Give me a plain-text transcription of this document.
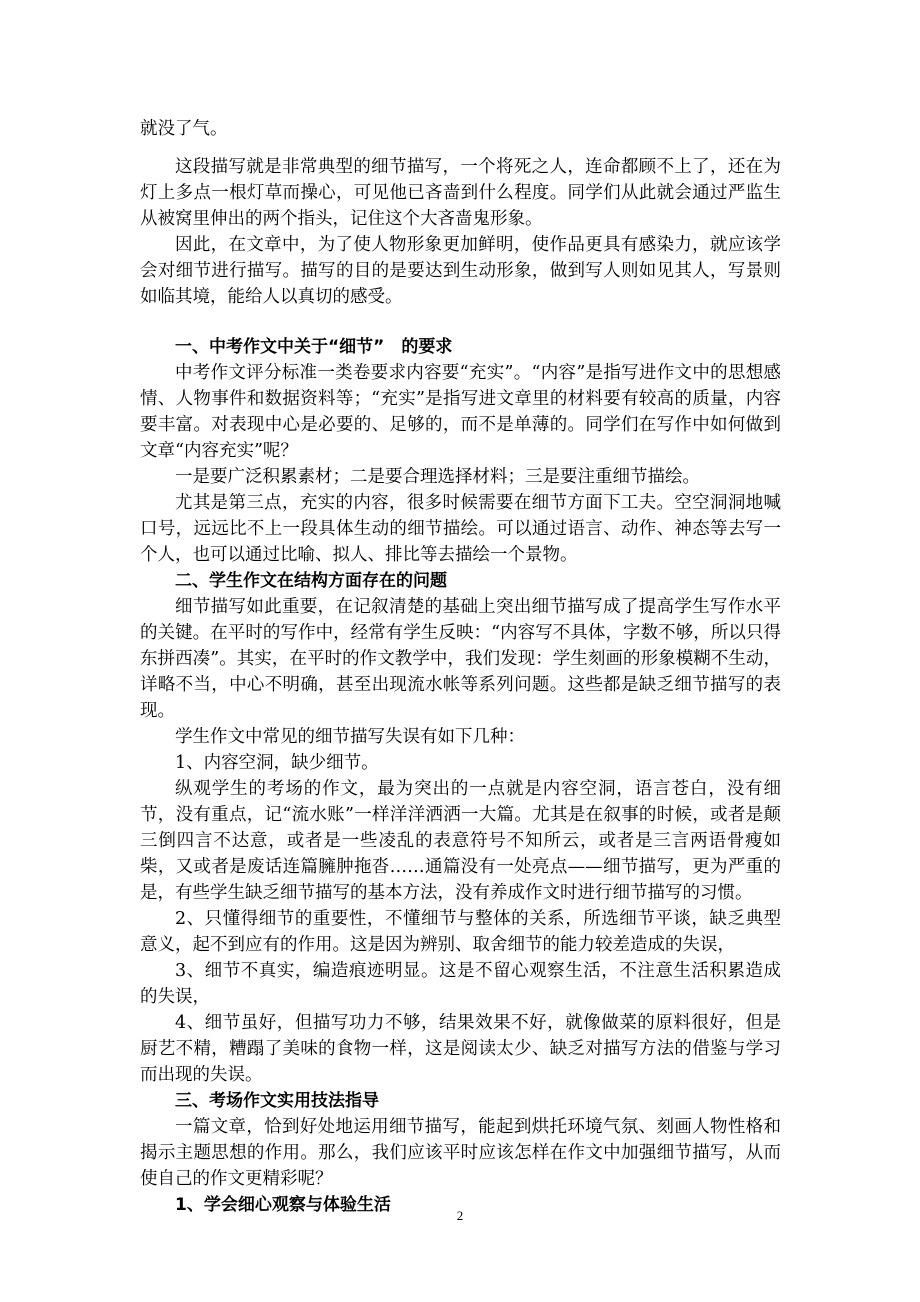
就没了气。

这段描写就是非常典型的细节描写，一个将死之人，连命都顾不上了，还在为灯上多点一根灯草而操心，可见他已吝啬到什么程度。同学们从此就会通过严监生从被窝里伸出的两个指头，记住这个大吝啬鬼形象。

因此，在文章中，为了使人物形象更加鲜明，使作品更具有感染力，就应该学会对细节进行描写。描写的目的是要达到生动形象，做到写人则如见其人，写景则如临其境，能给人以真切的感受。

一、中考作文中关于“细节”　的要求

中考作文评分标准一类卷要求内容要“充实”。“内容”是指写进作文中的思想感情、人物事件和数据资料等；“充实”是指写进文章里的材料要有较高的质量，内容要丰富。对表现中心是必要的、足够的，而不是单薄的。同学们在写作中如何做到文章“内容充实”呢？

一是要广泛积累素材；二是要合理选择材料；三是要注重细节描绘。

尤其是第三点，充实的内容，很多时候需要在细节方面下工夫。空空洞洞地喊口号，远远比不上一段具体生动的细节描绘。可以通过语言、动作、神态等去写一个人，也可以通过比喻、拟人、排比等去描绘一个景物。

二、学生作文在结构方面存在的问题

细节描写如此重要，在记叙清楚的基础上突出细节描写成了提高学生写作水平的关键。在平时的写作中，经常有学生反映：“内容写不具体，字数不够，所以只得东拼西凑”。其实，在平时的作文教学中，我们发现：学生刻画的形象模糊不生动，详略不当，中心不明确，甚至出现流水帐等系列问题。这些都是缺乏细节描写的表现。

学生作文中常见的细节描写失误有如下几种：

1、内容空洞，缺少细节。

纵观学生的考场的作文，最为突出的一点就是内容空洞，语言苍白，没有细节，没有重点，记“流水账”一样洋洋洒洒一大篇。尤其是在叙事的时候，或者是颠三倒四言不达意，或者是一些凌乱的表意符号不知所云，或者是三言两语骨瘦如柴，又或者是废话连篇臃肿拖沓……通篇没有一处亮点——细节描写，更为严重的是，有些学生缺乏细节描写的基本方法，没有养成作文时进行细节描写的习惯。

2、只懂得细节的重要性，不懂细节与整体的关系，所选细节平谈，缺乏典型意义，起不到应有的作用。这是因为辨别、取舍细节的能力较差造成的失误，

3、细节不真实，编造痕迹明显。这是不留心观察生活，不注意生活积累造成的失误，

4、细节虽好，但描写功力不够，结果效果不好，就像做菜的原料很好，但是厨艺不精，糟蹋了美味的食物一样，这是阅读太少、缺乏对描写方法的借鉴与学习而出现的失误。

三、考场作文实用技法指导

一篇文章，恰到好处地运用细节描写，能起到烘托环境气氛、刻画人物性格和揭示主题思想的作用。那么，我们应该平时应该怎样在作文中加强细节描写，从而使自己的作文更精彩呢？

1、学会细心观察与体验生活

2
